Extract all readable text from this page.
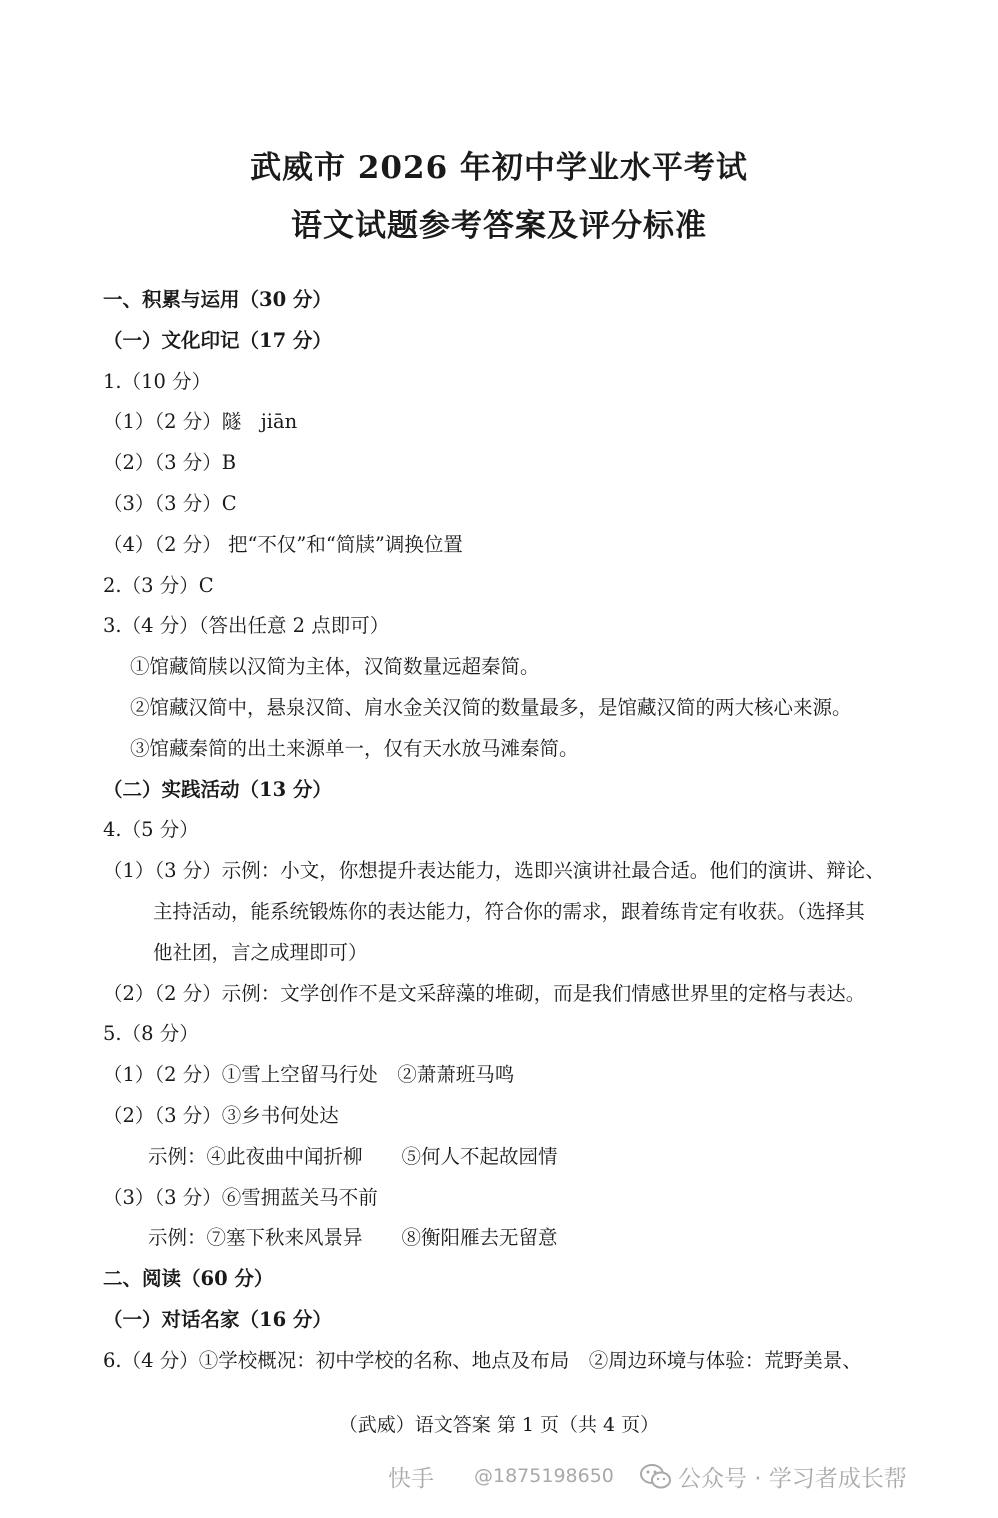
武威市 2026 年初中学业水平考试
语文试题参考答案及评分标准
一、积累与运用（30 分）
（一）文化印记（17 分）
1.（10 分）
（1）（2 分）隧　jiān
（2）（3 分）B
（3）（3 分）C
（4）（2 分） 把“不仅”和“简牍”调换位置
2.（3 分）C
3.（4 分）（答出任意 2 点即可）
①馆藏简牍以汉简为主体，汉简数量远超秦简。
②馆藏汉简中，悬泉汉简、肩水金关汉简的数量最多，是馆藏汉简的两大核心来源。
③馆藏秦简的出土来源单一，仅有天水放马滩秦简。
（二）实践活动（13 分）
4.（5 分）
（1）（3 分）示例：小文，你想提升表达能力，选即兴演讲社最合适。他们的演讲、辩论、
主持活动，能系统锻炼你的表达能力，符合你的需求，跟着练肯定有收获。（选择其
他社团，言之成理即可）
（2）（2 分）示例：文学创作不是文采辞藻的堆砌，而是我们情感世界里的定格与表达。
5.（8 分）
（1）（2 分）①雪上空留马行处　②萧萧班马鸣
（2）（3 分）③乡书何处达
示例：④此夜曲中闻折柳　　⑤何人不起故园情
（3）（3 分）⑥雪拥蓝关马不前
示例：⑦塞下秋来风景异　　⑧衡阳雁去无留意
二、阅读（60 分）
（一）对话名家（16 分）
6.（4 分）①学校概况：初中学校的名称、地点及布局　②周边环境与体验：荒野美景、
（武威）语文答案 第 1 页（共 4 页）
快手 @1875198650	公众号 · 学习者成长帮
